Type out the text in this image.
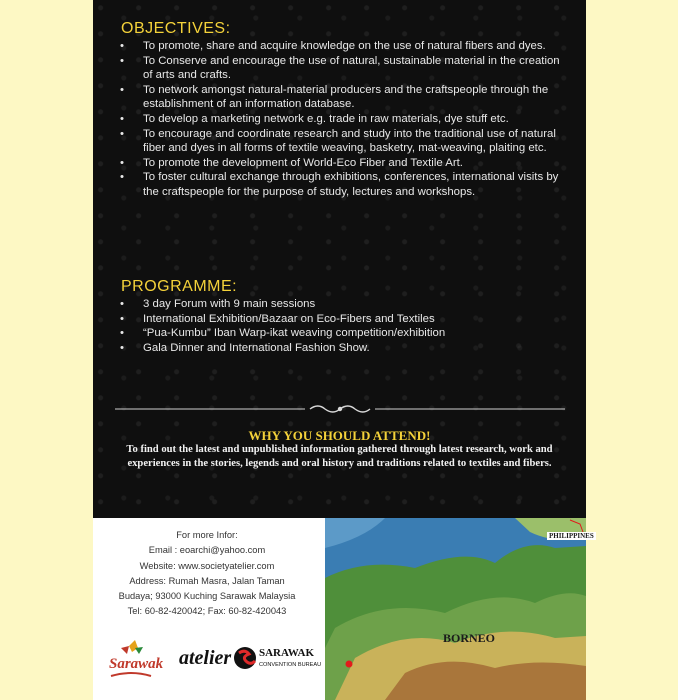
OBJECTIVES:
• To promote, share and acquire knowledge on the use of natural fibers and dyes.
• To Conserve and encourage the use of natural, sustainable material in the creation of arts and crafts.
• To network amongst natural-material producers and the craftspeople through the establishment of an information database.
• To develop a marketing network e.g. trade in raw materials, dye stuff etc.
• To encourage and coordinate research and study into the traditional use of natural fiber and dyes in all forms of textile weaving, basketry, mat-weaving, plaiting etc.
• To promote the development of World-Eco Fiber and Textile Art.
• To foster cultural exchange through exhibitions, conferences, international visits by the craftspeople for the purpose of study, lectures and workshops.
PROGRAMME:
• 3 day Forum with 9 main sessions
• International Exhibition/Bazaar on Eco-Fibers and Textiles
• “Pua-Kumbu” Iban Warp-ikat weaving competition/exhibition
• Gala Dinner and International Fashion Show.
WHY YOU SHOULD ATTEND!
To find out the latest and unpublished information gathered through latest research, work and experiences in the stories, legends and oral history and traditions related to textiles and fibers.
For more Infor:
Email : eoarchi@yahoo.com
Website: www.societyatelier.com
Address: Rumah Masra, Jalan Taman
Budaya; 93000 Kuching Sarawak Malaysia
Tel: 60-82-420042; Fax: 60-82-420043
Sarawak atelier	SARAWAK
CONVENTION BUREAU
PHILIPPINES
BORNEO
